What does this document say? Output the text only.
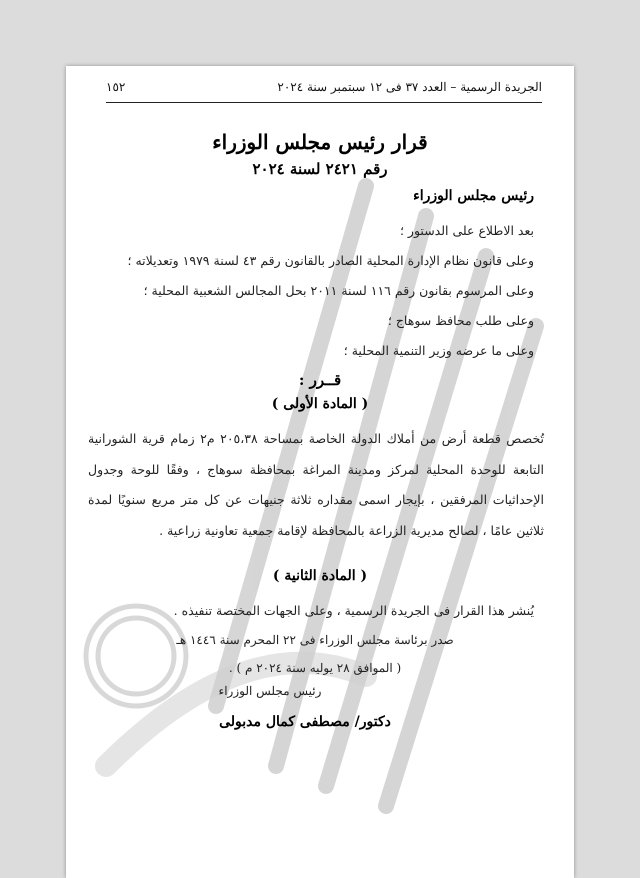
١٥٢	الجريدة الرسمية – العدد ٣٧ فى ١٢ سبتمبر سنة ٢٠٢٤
قرار رئيس مجلس الوزراء
رقم ٢٤٢١ لسنة ٢٠٢٤
رئيس مجلس الوزراء
بعد الاطلاع على الدستور ؛
وعلى قانون نظام الإدارة المحلية الصادر بالقانون رقم ٤٣ لسنة ١٩٧٩ وتعديلاته ؛
وعلى المرسوم بقانون رقم ١١٦ لسنة ٢٠١١ بحل المجالس الشعبية المحلية ؛
وعلى طلب محافظ سوهاج ؛
وعلى ما عرضه وزير التنمية المحلية ؛
قــرر :
( المادة الأولى )
تُخصص قطعة أرض من أملاك الدولة الخاصة بمساحة ٢٠٥،٣٨ م٢ زمام قرية الشورانية التابعة للوحدة المحلية لمركز ومدينة المراغة بمحافظة سوهاج ، وفقًا للوحة وجدول الإحداثيات المرفقين ، بإيجار اسمى مقداره ثلاثة جنيهات عن كل متر مربع سنويًا لمدة ثلاثين عامًا ، لصالح مديرية الزراعة بالمحافظة لإقامة جمعية تعاونية زراعية .
( المادة الثانية )
يُنشر هذا القرار فى الجريدة الرسمية ، وعلى الجهات المختصة تنفيذه .
صدر برئاسة مجلس الوزراء فى ٢٢ المحرم سنة ١٤٤٦ هـ
( الموافق ٢٨ يوليه سنة ٢٠٢٤ م ) .
رئيس مجلس الوزراء
دكتور/ مصطفى كمال مدبولى
